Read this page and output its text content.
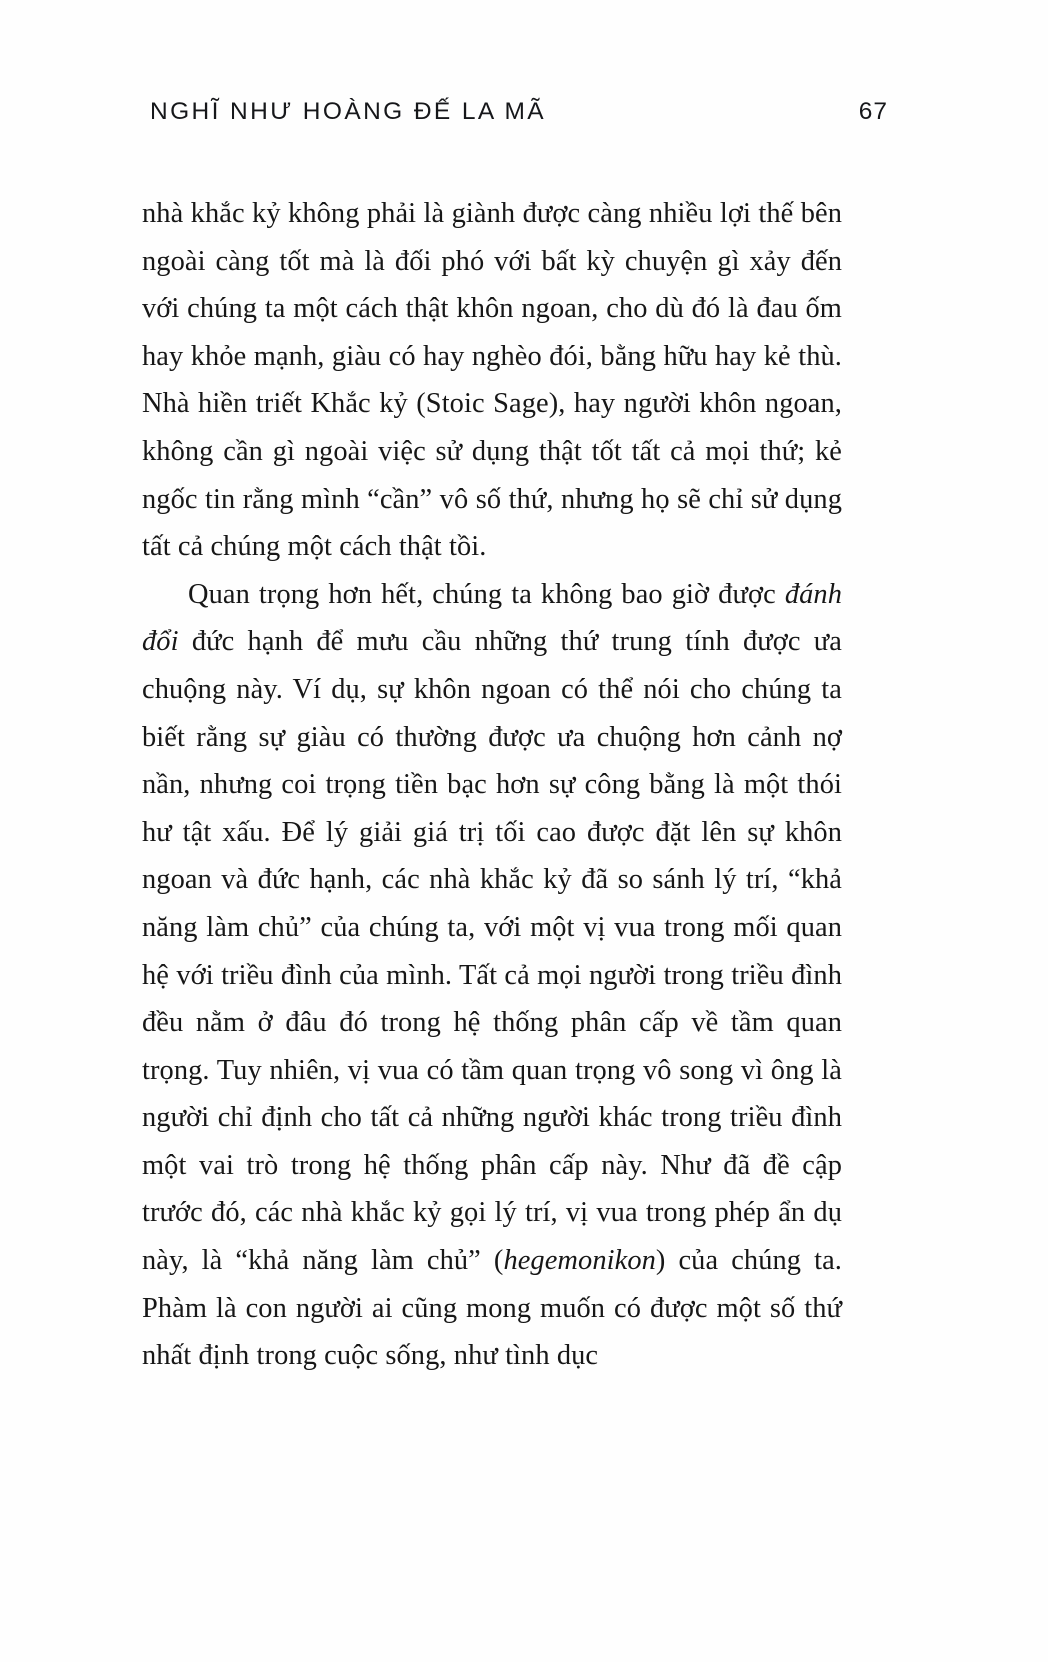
NGHĨ NHƯ HOÀNG ĐẾ LA MÃ	67

nhà khắc kỷ không phải là giành được càng nhiều lợi thế bên ngoài càng tốt mà là đối phó với bất kỳ chuyện gì xảy đến với chúng ta một cách thật khôn ngoan, cho dù đó là đau ốm hay khỏe mạnh, giàu có hay nghèo đói, bằng hữu hay kẻ thù. Nhà hiền triết Khắc kỷ (Stoic Sage), hay người khôn ngoan, không cần gì ngoài việc sử dụng thật tốt tất cả mọi thứ; kẻ ngốc tin rằng mình “cần” vô số thứ, nhưng họ sẽ chỉ sử dụng tất cả chúng một cách thật tồi.

Quan trọng hơn hết, chúng ta không bao giờ được đánh đổi đức hạnh để mưu cầu những thứ trung tính được ưa chuộng này. Ví dụ, sự khôn ngoan có thể nói cho chúng ta biết rằng sự giàu có thường được ưa chuộng hơn cảnh nợ nần, nhưng coi trọng tiền bạc hơn sự công bằng là một thói hư tật xấu. Để lý giải giá trị tối cao được đặt lên sự khôn ngoan và đức hạnh, các nhà khắc kỷ đã so sánh lý trí, “khả năng làm chủ” của chúng ta, với một vị vua trong mối quan hệ với triều đình của mình. Tất cả mọi người trong triều đình đều nằm ở đâu đó trong hệ thống phân cấp về tầm quan trọng. Tuy nhiên, vị vua có tầm quan trọng vô song vì ông là người chỉ định cho tất cả những người khác trong triều đình một vai trò trong hệ thống phân cấp này. Như đã đề cập trước đó, các nhà khắc kỷ gọi lý trí, vị vua trong phép ẩn dụ này, là “khả năng làm chủ” (hegemonikon) của chúng ta. Phàm là con người ai cũng mong muốn có được một số thứ nhất định trong cuộc sống, như tình dục
